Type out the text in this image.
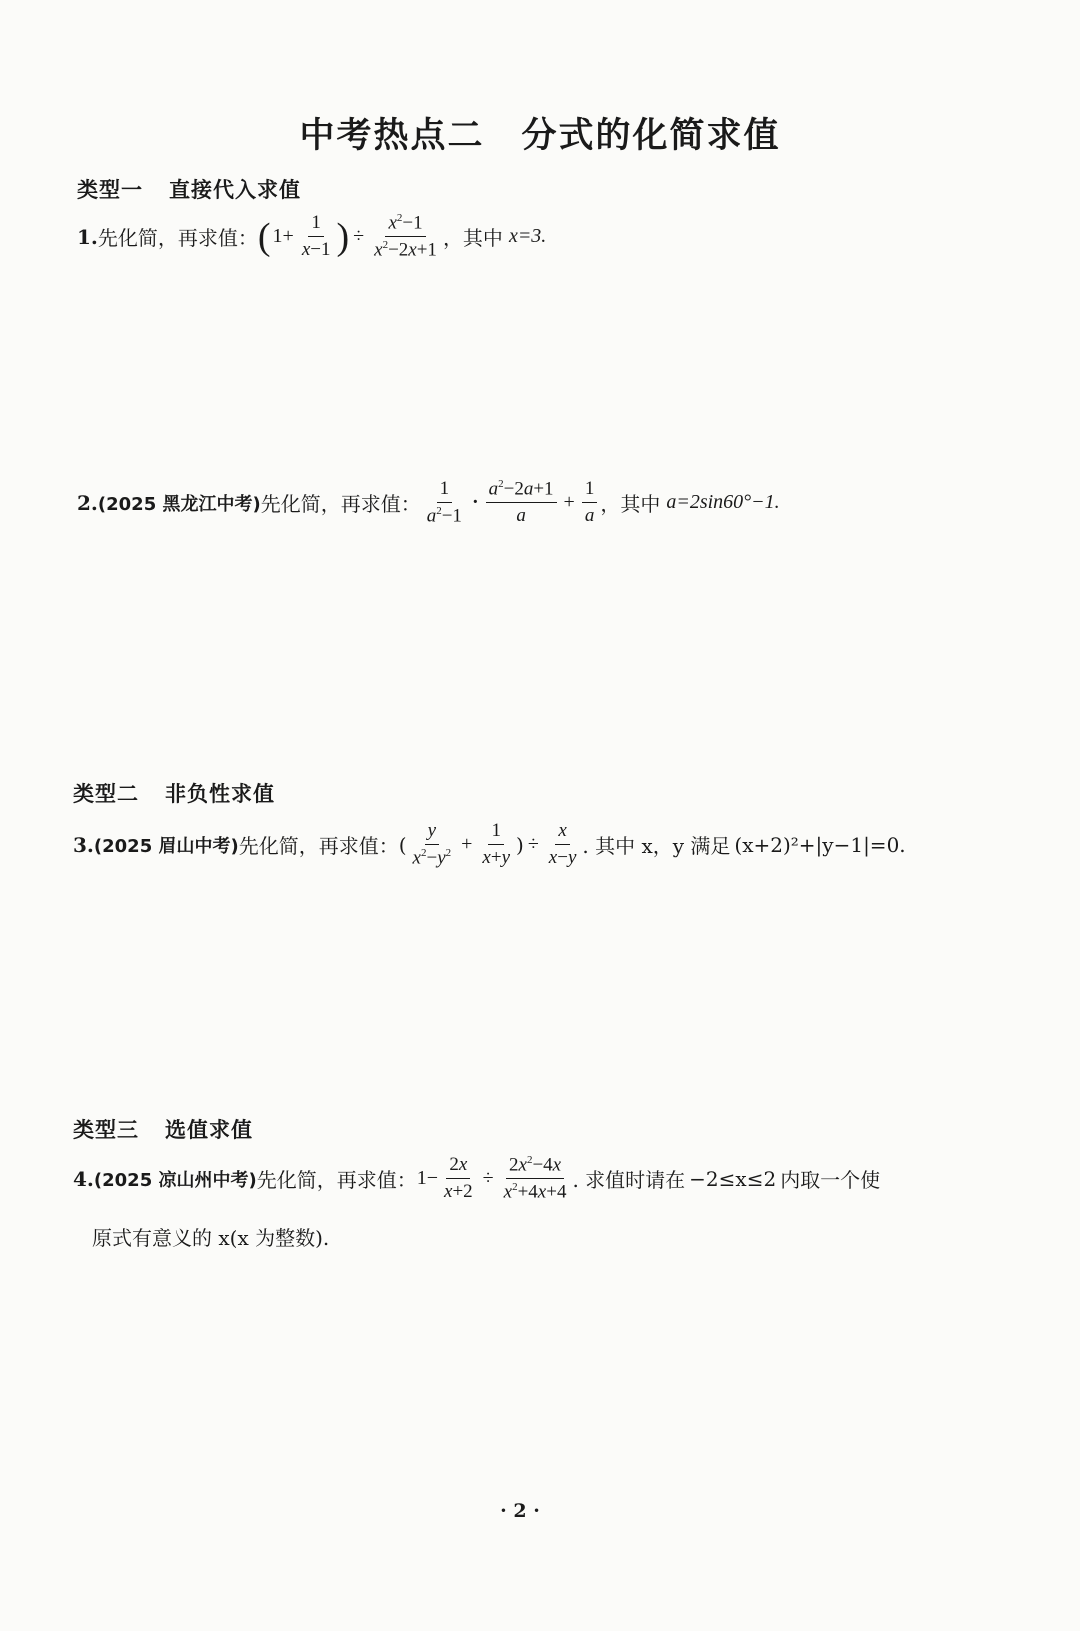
中考热点二　分式的化简求值
类型一 直接代入求值
1. 先化简，再求值： ( $1+ \frac{1}{x-1}$ ) ÷ $\frac{x^2-1}{x^2-2x+1}$ ，其中 x=3.
2. (2025 黑龙江中考) 先化简，再求值： $\frac{1}{a^2-1} \cdot \frac{a^2-2a+1}{a} + \frac{1}{a}$ ，其中 a=2sin60°−1.
类型二 非负性求值
3. (2025 眉山中考) 先化简，再求值： ( $\frac{y}{x^2-y^2} + \frac{1}{x+y}$ ) ÷ $\frac{x}{x-y}$ . 其中 x，y 满足 (x+2)²+|y−1|=0.
类型三 选值求值
4. (2025 凉山州中考) 先化简，再求值： $1- \frac{2x}{x+2} \div \frac{2x^2-4x}{x^2+4x+4}$ . 求值时请在 −2≤x≤2 内取一个使
原式有意义的 x(x 为整数).
· 2 ·
